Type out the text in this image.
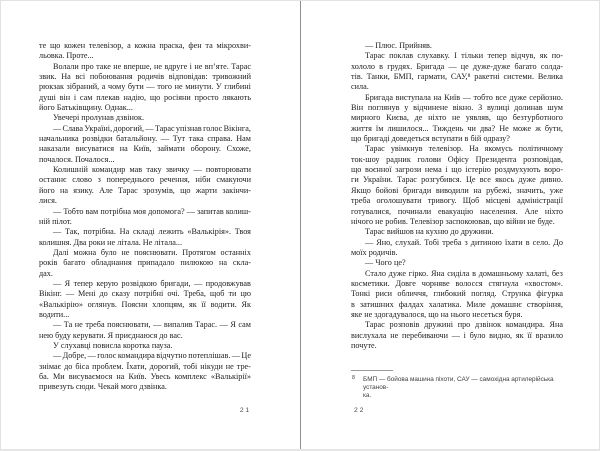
те що кожен телевізор, а кожна праска, фен та мікрохви-
льовка. Проте...
Волали про таке не вперше, не вдруге і не вп’яте. Тарас
звик. На всі побоювання родичів відповідав: тривожний
рюкзак зібраний, а чому бути — того не минути. У глибині
душі він і сам плекав надію, що росіяни просто лякають
його Батьківщину. Однак...
Увечері пролунав дзвінок.
— Слава Україні, дорогий, — Тарас упізнав голос Вікінга,
начальника розвідки батальйону. — Тут така справа. Нам
наказали висуватися на Київ, займати оборону. Схоже,
почалося. Почалося...
Колишній командир мав таку звичку — повторювати
останнє слово з попереднього речення, ніби смакуючи
його на язику. Але Тарас зрозумів, що жарти закінчи-
лися.
— Тобто вам потрібна моя допомога? — запитав колиш-
ній пілот.
— Так, потрібна. На складі лежить «Валькірія». Твоя
колишня. Два роки не літала. Не літала...
Далі можна було не пояснювати. Протягом останніх
років багато обладнання припадало пилюкою на скла-
дах.
— Я тепер керую розвідкою бригади, — продовжував
Вікінг. — Мені до сказу потрібні очі. Треба, щоб ти цю
«Валькірію» оглянув. Поясни хлопцям, як її водити. Як
водити...
— Та не треба пояснювати, — випалив Тарас. — Я сам
нею буду керувати. Я приєднаюся до вас.
У слухавці повисла коротка пауза.
— Добре, — голос командира відчутно потеплішав. — Це
знімає до біса проблем. Їхати, дорогий, тобі нікуди не тре-
ба. Ми висуваємося на Київ. Увесь комплекс «Валькірії»
привезуть сюди. Чекай мого дзвінка.
— Плюс. Прийняв.
Тарас поклав слухавку. І тільки тепер відчув, як по-
хололо в грудях. Бригада — це дуже-дуже багато солда-
тів. Танки, БМП, гармати, САУ,⁸ ракетні системи. Велика
сила.
Бригада виступала на Київ — тобто все дуже серйозно.
Він поглянув у відчинене вікно. З вулиці долинав шум
мирного Києва, де ніхто не уявляв, що безтурботного
життя їм лишилося... Тиждень чи два? Не може ж бути,
що бригаді доведеться вступати в бій одразу?
Тарас увімкнув телевізор. На якомусь політичному
ток-шоу радник голови Офісу Президента розповідав,
що воєнної загрози нема і що істерію роздмухують воро-
ги України. Тарас розгубився. Це все якось дуже дивно.
Якщо бойові бригади виводили на рубежі, значить, уже
треба оголошувати тривогу. Щоб місцеві адміністрації
готувалися, починали евакуацію населення. Але ніхто
нічого не робив. Телевізор заспокоював, що війни не буде.
Тарас вийшов на кухню до дружини.
— Яно, слухай. Тобі треба з дитиною їхати в село. До
моїх родичів.
— Чого це?
Стало дуже гірко. Яна сиділа в домашньому халаті, без
косметики. Довге чорняве волосся стягнула «хвостом».
Тонкі риси обличчя, глибокий погляд. Струнка фігурка
в затишних фалдах халатика. Миле домашнє створіння,
яке не здогадувалося, що на нього несеться буря.
Тарас розповів дружині про дзвінок командира. Яна
вислухала не перебиваючи — і було видно, як її вразило
почуте.
8	БМП — бойова машина піхоти, САУ — самохідна артилерійська установ-
ка.
21	22
